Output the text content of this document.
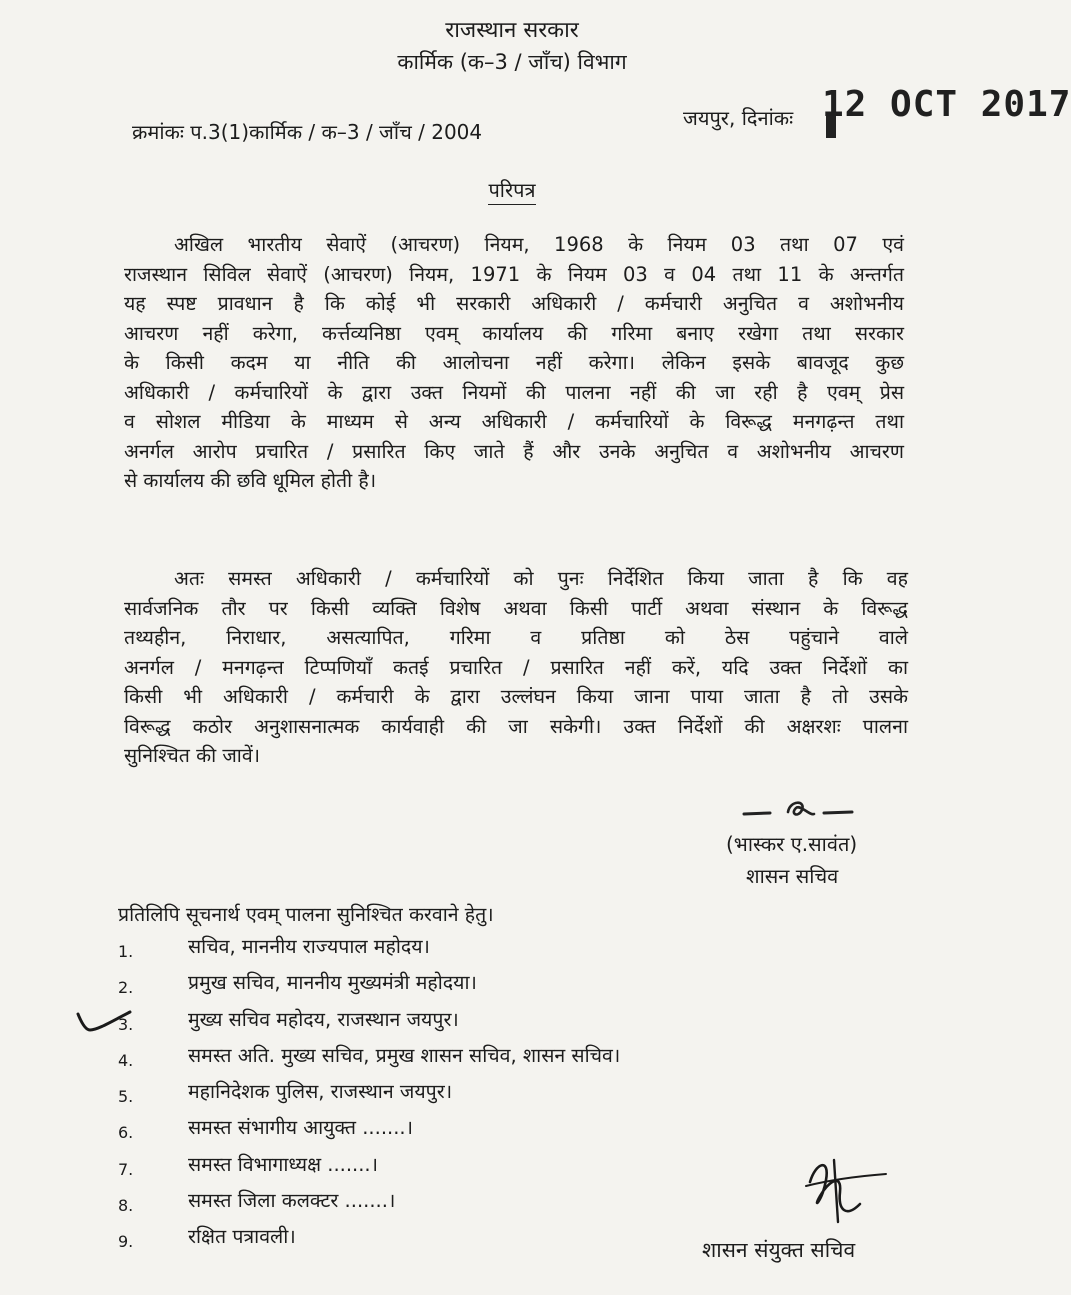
राजस्थान सरकार
कार्मिक (क–3 / जॉंच) विभाग
क्रमांकः प.3(1)कार्मिक / क–3 / जॉंच / 2004
जयपुर, दिनांकः 12 OCT 2017
परिपत्र
अखिल भारतीय सेवाऐं (आचरण) नियम, 1968 के नियम 03 तथा 07 एवं
राजस्थान सिविल सेवाऐं (आचरण) नियम, 1971 के नियम 03 व 04 तथा 11 के अन्तर्गत
यह स्पष्ट प्रावधान है कि कोई भी सरकारी अधिकारी / कर्मचारी अनुचित व अशोभनीय
आचरण नहीं करेगा, कर्त्तव्यनिष्ठा एवम् कार्यालय की गरिमा बनाए रखेगा तथा सरकार
के किसी कदम या नीति की आलोचना नहीं करेगा। लेकिन इसके बावजूद कुछ
अधिकारी / कर्मचारियों के द्वारा उक्त नियमों की पालना नहीं की जा रही है एवम् प्रेस
व सोशल मीडिया के माध्यम से अन्य अधिकारी / कर्मचारियों के विरूद्ध मनगढ़न्त तथा
अनर्गल आरोप प्रचारित / प्रसारित किए जाते हैं और उनके अनुचित व अशोभनीय आचरण
से कार्यालय की छवि धूमिल होती है।
अतः समस्त अधिकारी / कर्मचारियों को पुनः निर्देशित किया जाता है कि वह
सार्वजनिक तौर पर किसी व्यक्ति विशेष अथवा किसी पार्टी अथवा संस्थान के विरूद्ध
तथ्यहीन, निराधार, असत्यापित, गरिमा व प्रतिष्ठा को ठेस पहुंचाने वाले
अनर्गल / मनगढ़न्त टिप्पणियाँ कतई प्रचारित / प्रसारित नहीं करें, यदि उक्त निर्देशों का
किसी भी अधिकारी / कर्मचारी के द्वारा उल्लंघन किया जाना पाया जाता है तो उसके
विरूद्ध कठोर अनुशासनात्मक कार्यवाही की जा सकेगी। उक्त निर्देशों की अक्षरशः पालना
सुनिश्चित की जावें।
(भास्कर ए.सावंत)
शासन सचिव
प्रतिलिपि सूचनार्थ एवम् पालना सुनिश्चित करवाने हेतु।
1.	सचिव, माननीय राज्यपाल महोदय।
2.	प्रमुख सचिव, माननीय मुख्यमंत्री महोदया।
3.	मुख्य सचिव महोदय, राजस्थान जयपुर।
4.	समस्त अति. मुख्य सचिव, प्रमुख शासन सचिव, शासन सचिव।
5.	महानिदेशक पुलिस, राजस्थान जयपुर।
6.	समस्त संभागीय आयुक्त .......।
7.	समस्त विभागाध्यक्ष .......।
8.	समस्त जिला कलक्टर .......।
9.	रक्षित पत्रावली।
शासन संयुक्त सचिव
